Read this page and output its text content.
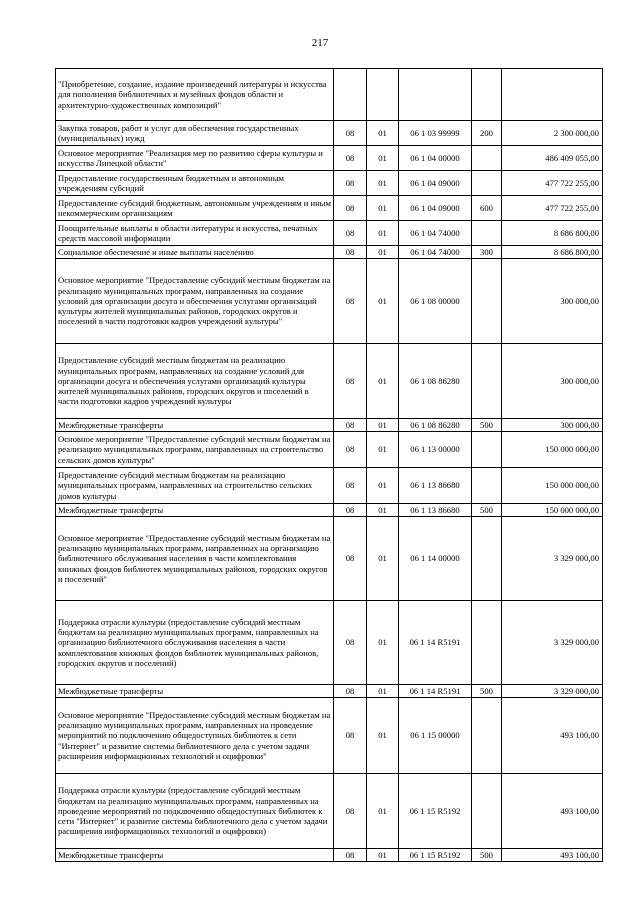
217
"Приобретение, создание, издание произведений литературы и искусства для пополнения библиотечных и музейных фондов области и архитектурно-художественных композиций"					
Закупка товаров, работ и услуг для обеспечения государственных (муниципальных) нужд	08	01	06 1 03 99999	200	2 300 000,00
Основное мероприятие "Реализация мер по развитию сферы культуры и искусства Липецкой области"	08	01	06 1 04 00000		486 409 055,00
Предоставление государственным бюджетным и автономным учреждениям субсидий	08	01	06 1 04 09000		477 722 255,00
Предоставление субсидий бюджетным, автономным учреждениям и иным некоммерческим организациям	08	01	06 1 04 09000	600	477 722 255,00
Поощрительные выплаты в области литературы и искусства, печатных средств массовой информации	08	01	06 1 04 74000		8 686 800,00
Социальное обеспечение и иные выплаты населению	08	01	06 1 04 74000	300	8 686 800,00
Основное мероприятие "Предоставление субсидий местным бюджетам на реализацию муниципальных программ, направленных на создание условий для организации досуга и обеспечения услугами организаций культуры жителей муниципальных районов, городских округов и поселений в части подготовки кадров учреждений культуры"	08	01	06 1 08 00000		300 000,00
Предоставление субсидий местным бюджетам на реализацию муниципальных программ, направленных на создание условий для организации досуга и обеспечения услугами организаций культуры жителей муниципальных районов, городских округов и поселений в части подготовки кадров учреждений культуры	08	01	06 1 08 86280		300 000,00
Межбюджетные трансферты	08	01	06 1 08 86280	500	300 000,00
Основное мероприятие "Предоставление субсидий местным бюджетам на реализацию муниципальных программ, направленных на строительство сельских домов культуры"	08	01	06 1 13 00000		150 000 000,00
Предоставление субсидий местным бюджетам на реализацию муниципальных программ, направленных на строительство сельских домов культуры	08	01	06 1 13 86680		150 000 000,00
Межбюджетные трансферты	08	01	06 1 13 86680	500	150 000 000,00
Основное мероприятие "Предоставление субсидий местным бюджетам на реализацию муниципальных программ, направленных на организацию библиотечного обслуживания населения в части комплектования книжных фондов библиотек муниципальных районов, городских округов и поселений"	08	01	06 1 14 00000		3 329 000,00
Поддержка отрасли культуры (предоставление субсидий местным бюджетам на реализацию муниципальных программ, направленных на организацию библиотечного обслуживания населения в части комплектования книжных фондов библиотек муниципальных районов, городских округов и поселений)	08	01	06 1 14 R5191		3 329 000,00
Межбюджетные трансферты	08	01	06 1 14 R5191	500	3 329 000,00
Основное мероприятие "Предоставление субсидий местным бюджетам на реализацию муниципальных программ, направленных на проведение мероприятий по подключению общедоступных библиотек к сети "Интернет" и развитие системы библиотечного дела с учетом задачи расширения информационных технологий и оцифровки"	08	01	06 1 15 00000		493 100,00
Поддержка отрасли культуры (предоставление субсидий местным бюджетам на реализацию муниципальных программ, направленных на проведение мероприятий по подключению общедоступных библиотек к сети "Интернет" и развитие системы библиотечного дела с учетом задачи расширения информационных технологий и оцифровки)	08	01	06 1 15 R5192		493 100,00
Межбюджетные трансферты	08	01	06 1 15 R5192	500	493 100,00
